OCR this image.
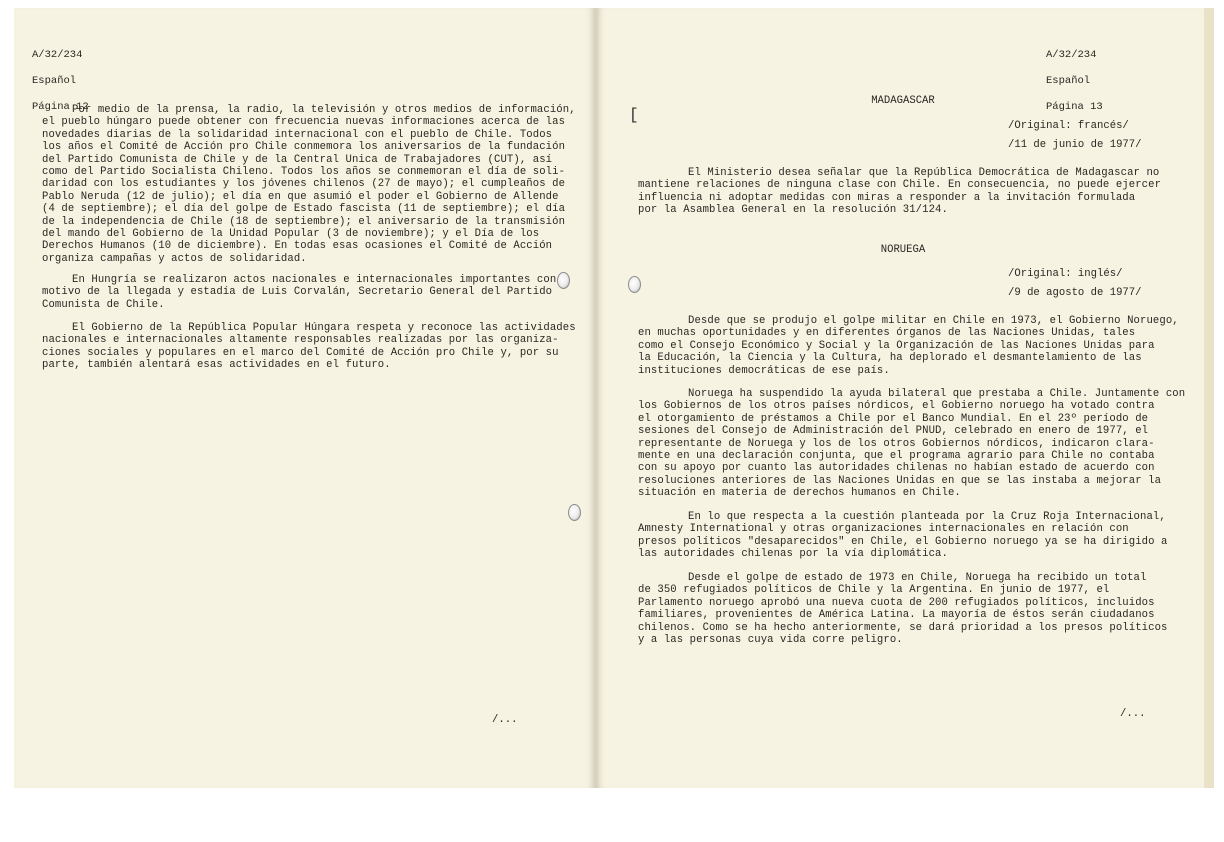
A/32/234

Español

Página 12

Por medio de la prensa, la radio, la televisión y otros medios de información,
el pueblo húngaro puede obtener con frecuencia nuevas informaciones acerca de las
novedades diarias de la solidaridad internacional con el pueblo de Chile. Todos
los años el Comité de Acción pro Chile conmemora los aniversarios de la fundación
del Partido Comunista de Chile y de la Central Unica de Trabajadores (CUT), así
como del Partido Socialista Chileno. Todos los años se conmemoran el día de soli-
daridad con los estudiantes y los jóvenes chilenos (27 de mayo); el cumpleaños de
Pablo Neruda (12 de julio); el día en que asumió el poder el Gobierno de Allende
(4 de septiembre); el día del golpe de Estado fascista (11 de septiembre); el día
de la independencia de Chile (18 de septiembre); el aniversario de la transmisión
del mando del Gobierno de la Unidad Popular (3 de noviembre); y el Día de los
Derechos Humanos (10 de diciembre). En todas esas ocasiones el Comité de Acción
organiza campañas y actos de solidaridad.
En Hungría se realizaron actos nacionales e internacionales importantes con
motivo de la llegada y estadía de Luis Corvalán, Secretario General del Partido
Comunista de Chile.
El Gobierno de la República Popular Húngara respeta y reconoce las actividades
nacionales e internacionales altamente responsables realizadas por las organiza-
ciones sociales y populares en el marco del Comité de Acción pro Chile y, por su
parte, también alentará esas actividades en el futuro.
/...

A/32/234

Español

Página 13

[
MADAGASCAR
/Original: francés/
/11 de junio de 1977/
El Ministerio desea señalar que la República Democrática de Madagascar no
mantiene relaciones de ninguna clase con Chile. En consecuencia, no puede ejercer
influencia ni adoptar medidas con miras a responder a la invitación formulada
por la Asamblea General en la resolución 31/124.
NORUEGA
/Original: inglés/
/9 de agosto de 1977/
Desde que se produjo el golpe militar en Chile en 1973, el Gobierno Noruego,
en muchas oportunidades y en diferentes órganos de las Naciones Unidas, tales
como el Consejo Económico y Social y la Organización de las Naciones Unidas para
la Educación, la Ciencia y la Cultura, ha deplorado el desmantelamiento de las
instituciones democráticas de ese país.
Noruega ha suspendido la ayuda bilateral que prestaba a Chile. Juntamente con
los Gobiernos de los otros países nórdicos, el Gobierno noruego ha votado contra
el otorgamiento de préstamos a Chile por el Banco Mundial. En el 23º período de
sesiones del Consejo de Administración del PNUD, celebrado en enero de 1977, el
representante de Noruega y los de los otros Gobiernos nórdicos, indicaron clara-
mente en una declaración conjunta, que el programa agrario para Chile no contaba
con su apoyo por cuanto las autoridades chilenas no habían estado de acuerdo con
resoluciones anteriores de las Naciones Unidas en que se las instaba a mejorar la
situación en materia de derechos humanos en Chile.
En lo que respecta a la cuestión planteada por la Cruz Roja Internacional,
Amnesty International y otras organizaciones internacionales en relación con
presos políticos "desaparecidos" en Chile, el Gobierno noruego ya se ha dirigido a
las autoridades chilenas por la vía diplomática.
Desde el golpe de estado de 1973 en Chile, Noruega ha recibido un total
de 350 refugiados políticos de Chile y la Argentina. En junio de 1977, el
Parlamento noruego aprobó una nueva cuota de 200 refugiados políticos, incluidos
familiares, provenientes de América Latina. La mayoría de éstos serán ciudadanos
chilenos. Como se ha hecho anteriormente, se dará prioridad a los presos políticos
y a las personas cuya vida corre peligro.
/...
